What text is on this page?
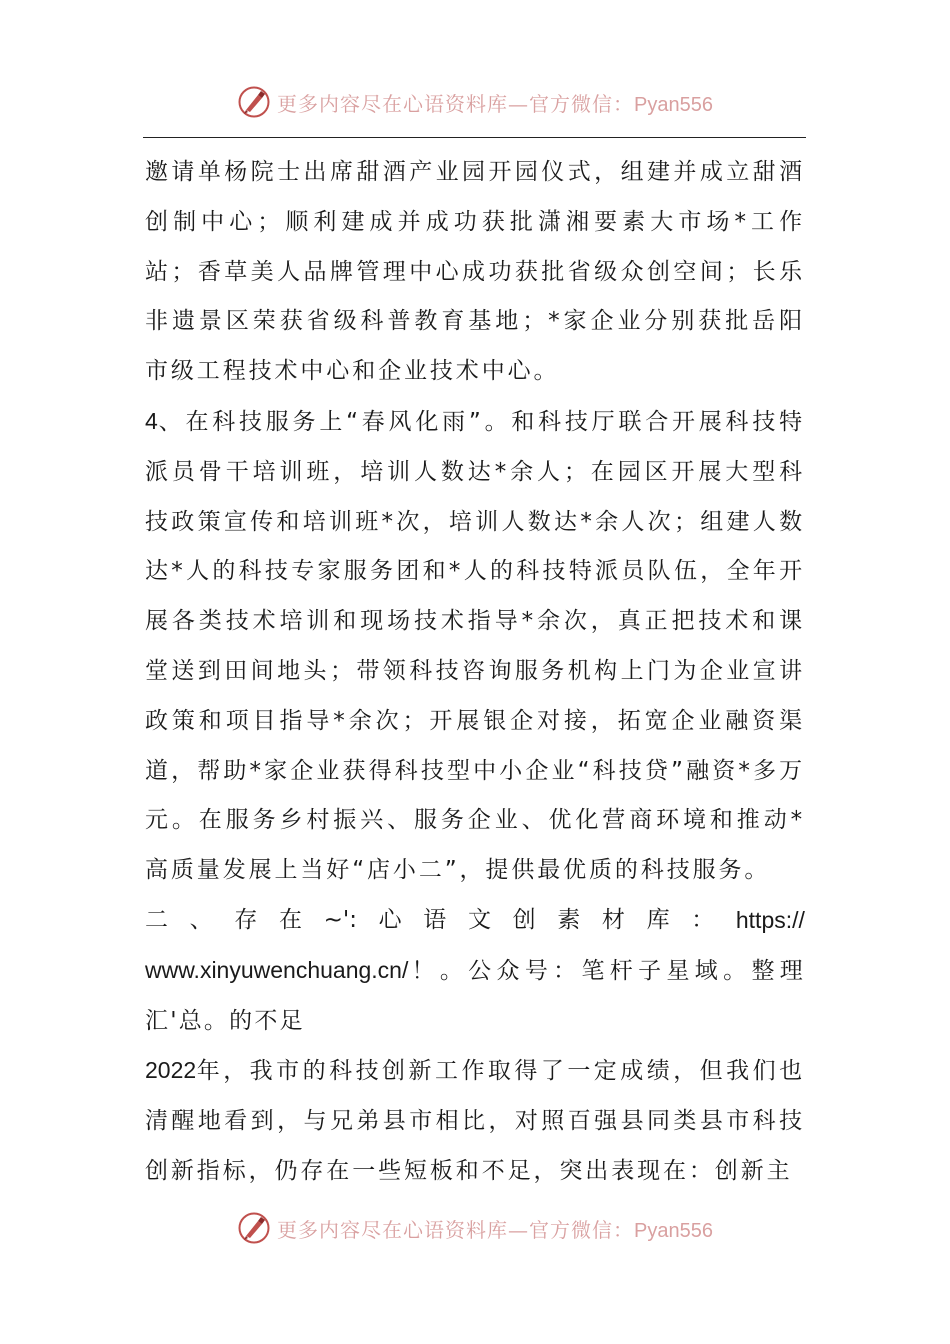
更多内容尽在心语资料库—官方微信：Pyan556

邀请单杨院士出席甜酒产业园开园仪式，组建并成立甜酒创制中心；顺利建成并成功获批潇湘要素大市场*工作站；香草美人品牌管理中心成功获批省级众创空间；长乐非遗景区荣获省级科普教育基地；*家企业分别获批岳阳市级工程技术中心和企业技术中心。

4、在科技服务上“春风化雨”。和科技厅联合开展科技特派员骨干培训班，培训人数达*余人；在园区开展大型科技政策宣传和培训班*次，培训人数达*余人次；组建人数达*人的科技专家服务团和*人的科技特派员队伍，全年开展各类技术培训和现场技术指导*余次，真正把技术和课堂送到田间地头；带领科技咨询服务机构上门为企业宣讲政策和项目指导*余次；开展银企对接，拓宽企业融资渠道，帮助*家企业获得科技型中小企业“科技贷”融资*多万元。在服务乡村振兴、服务企业、优化营商环境和推动*高质量发展上当好“店小二”，提供最优质的科技服务。

二 、 存 在 ~': 心 语 文 创 素 材 库 ： https://

www.xinyuwenchuang.cn/！。公众号：笔杆子星域。整理汇'总。的不足

2022年，我市的科技创新工作取得了一定成绩，但我们也清醒地看到，与兄弟县市相比，对照百强县同类县市科技创新指标，仍存在一些短板和不足，突出表现在：创新主

更多内容尽在心语资料库—官方微信：Pyan556
